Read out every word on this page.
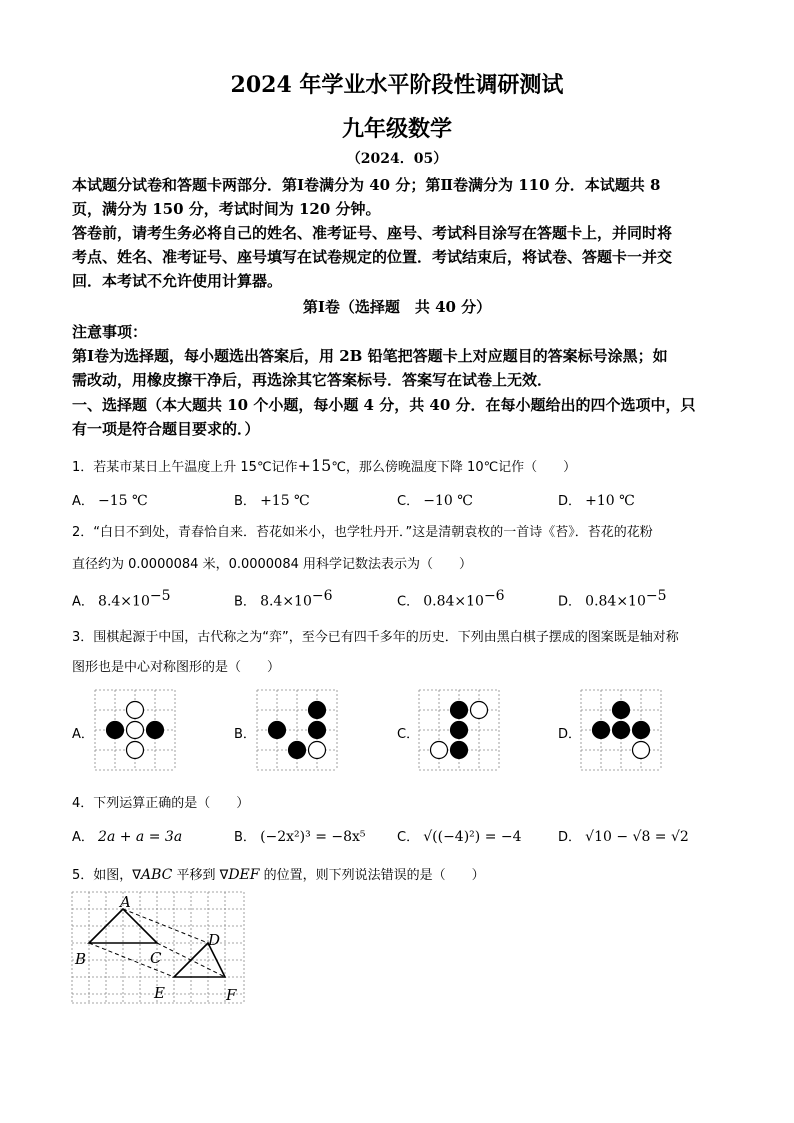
2024 年学业水平阶段性调研测试
九年级数学
（2024．05）
本试题分试卷和答题卡两部分．第Ⅰ卷满分为 40 分；第Ⅱ卷满分为 110 分．本试题共 8
页，满分为 150 分，考试时间为 120 分钟。
答卷前，请考生务必将自己的姓名、准考证号、座号、考试科目涂写在答题卡上，并同时将
考点、姓名、准考证号、座号填写在试卷规定的位置．考试结束后，将试卷、答题卡一并交
回．本考试不允许使用计算器。
第Ⅰ卷（选择题　共 40 分）
注意事项：
第Ⅰ卷为选择题，每小题选出答案后，用 2B 铅笔把答题卡上对应题目的答案标号涂黑；如
需改动，用橡皮擦干净后，再选涂其它答案标号．答案写在试卷上无效．
一、选择题（本大题共 10 个小题，每小题 4 分，共 40 分．在每小题给出的四个选项中，只
有一项是符合题目要求的．）
1．若某市某日上午温度上升 15℃记作+15℃，那么傍晚温度下降 10℃记作（　　）
A． −15 ℃	B． +15 ℃	C． −10 ℃	D． +10 ℃
2．“白日不到处，青春恰自来．苔花如米小，也学牡丹开．”这是清朝袁枚的一首诗《苔》．苔花的花粉
直径约为 0.0000084 米，0.0000084 用科学记数法表示为（　　）
A． $8.4\times 10^{-5}$	B． $8.4\times 10^{-6}$	C． $0.84\times 10^{-6}$	D． $0.84\times 10^{-5}$
3．围棋起源于中国，古代称之为“弈”，至今已有四千多年的历史．下列由黑白棋子摆成的图案既是轴对称
图形也是中心对称图形的是（　　）
A．	B．	C．	D．
4．下列运算正确的是（　　）
A． 2a + a = 3a	B． (−2x²)³ = −8x⁵ C． √((−4)²) = −4	D． √10 − √8 = √2
5．如图，∇ABC 平移到 ∇DEF 的位置，则下列说法错误的是（　　）
A
B	C
D
E	F
